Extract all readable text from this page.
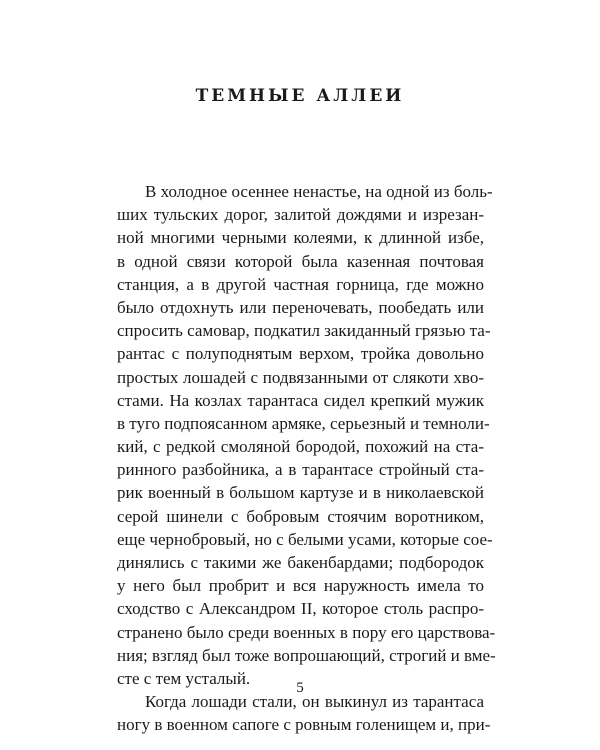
ТЕМНЫЕ АЛЛЕИ
В холодное осеннее ненастье, на одной из боль-
ших тульских дорог, залитой дождями и изрезан-
ной многими черными колеями, к длинной избе,
в одной связи которой была казенная почтовая
станция, а в другой частная горница, где можно
было отдохнуть или переночевать, пообедать или
спросить самовар, подкатил закиданный грязью та-
рантас с полуподнятым верхом, тройка довольно
простых лошадей с подвязанными от слякоти хво-
стами. На козлах тарантаса сидел крепкий мужик
в туго подпоясанном армяке, серьезный и темноли-
кий, с редкой смоляной бородой, похожий на ста-
ринного разбойника, а в тарантасе стройный ста-
рик военный в большом картузе и в николаевской
серой шинели с бобровым стоячим воротником,
еще чернобровый, но с белыми усами, которые сое-
динялись с такими же бакенбардами; подбородок
у него был пробрит и вся наружность имела то
сходство с Александром II, которое столь распро-
странено было среди военных в пору его царствова-
ния; взгляд был тоже вопрошающий, строгий и вме-
сте с тем усталый.
Когда лошади стали, он выкинул из тарантаса
ногу в военном сапоге с ровным голенищем и, при-
5
